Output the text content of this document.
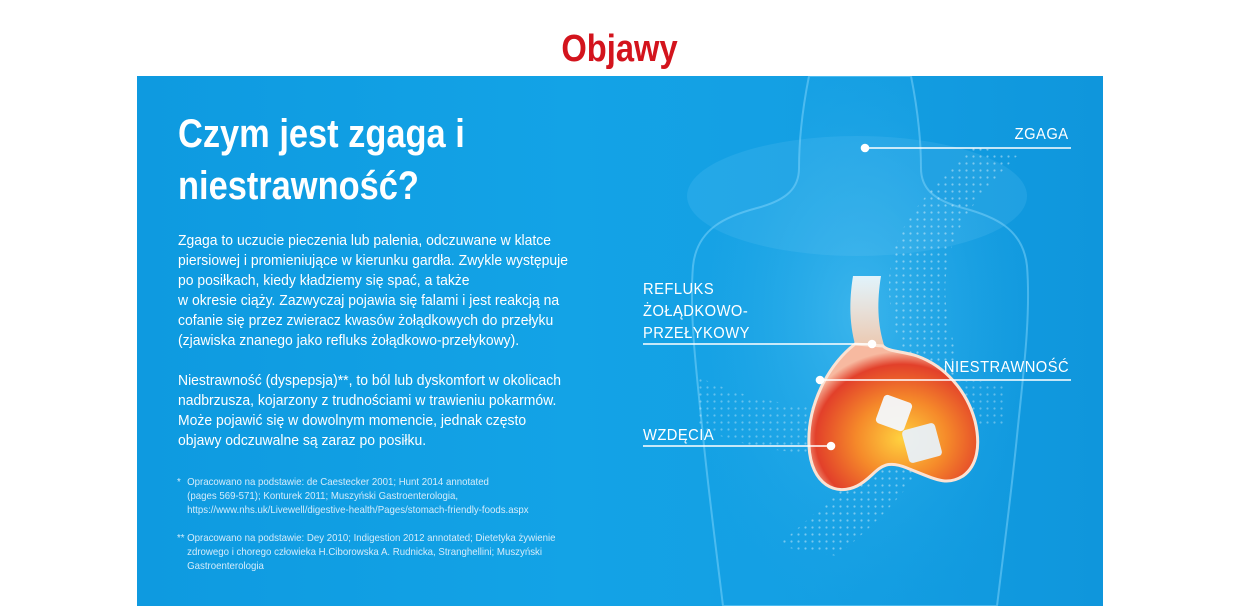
Objawy
Czym jest zgaga i niestrawność?

Zgaga to uczucie pieczenia lub palenia, odczuwane w klatce
piersiowej i promieniujące w kierunku gardła. Zwykle występuje
po posiłkach, kiedy kładziemy się spać, a także
w okresie ciąży. Zazwyczaj pojawia się falami i jest reakcją na
cofanie się przez zwieracz kwasów żołądkowych do przełyku
(zjawiska znanego jako refluks żołądkowo-przełykowy).

Niestrawność (dyspepsja)**, to ból lub dyskomfort w okolicach
nadbrzusza, kojarzony z trudnościami w trawieniu pokarmów.
Może pojawić się w dowolnym momencie, jednak często
objawy odczuwalne są zaraz po posiłku.

* Opracowano na podstawie: de Caestecker 2001; Hunt 2014 annotated
(pages 569-571); Konturek 2011; Muszyński Gastroenterologia,
https://www.nhs.uk/Livewell/digestive-health/Pages/stomach-friendly-foods.aspx
** Opracowano na podstawie: Dey 2010; Indigestion 2012 annotated; Dietetyka żywienie
zdrowego i chorego człowieka H.Ciborowska A. Rudnicka, Stranghellini; Muszyński
Gastroenterologia
ZGAGA
REFLUKS
ŻOŁĄDKOWO-
PRZEŁYKOWY
NIESTRAWNOŚĆ
WZDĘCIA
